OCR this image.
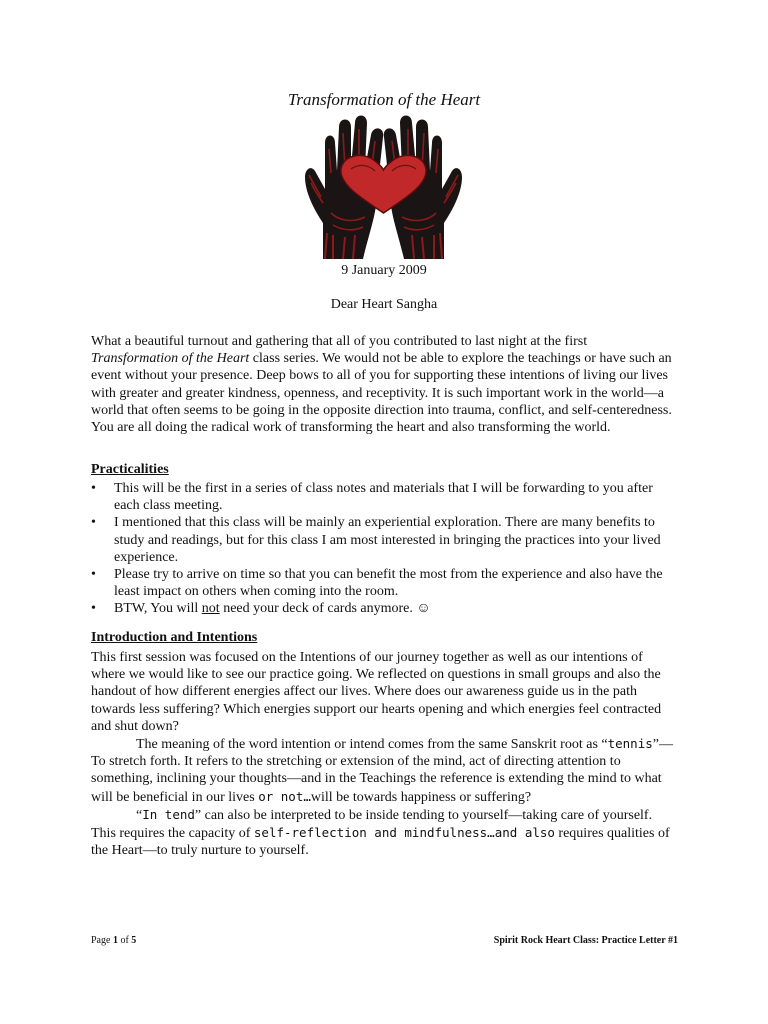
Transformation of the Heart
9 January 2009
Dear Heart Sangha
What a beautiful turnout and gathering that all of you contributed to last night at the first
Transformation of the Heart class series. We would not be able to explore the teachings or have such an event without your presence. Deep bows to all of you for supporting these intentions of living our lives with greater and greater kindness, openness, and receptivity. It is such important work in the world—a world that often seems to be going in the opposite direction into trauma, conflict, and self-centeredness. You are all doing the radical work of transforming the heart and also transforming the world.
Practicalities
• This will be the first in a series of class notes and materials that I will be forwarding to you after each class meeting.
• I mentioned that this class will be mainly an experiential exploration. There are many benefits to study and readings, but for this class I am most interested in bringing the practices into your lived experience.
• Please try to arrive on time so that you can benefit the most from the experience and also have the least impact on others when coming into the room.
• BTW, You will not need your deck of cards anymore. ☺
Introduction and Intentions
This first session was focused on the Intentions of our journey together as well as our intentions of where we would like to see our practice going. We reflected on questions in small groups and also the handout of how different energies affect our lives. Where does our awareness guide us in the path towards less suffering? Which energies support our hearts opening and which energies feel contracted and shut down?
The meaning of the word intention or intend comes from the same Sanskrit root as “tennis”—To stretch forth. It refers to the stretching or extension of the mind, act of directing attention to something, inclining your thoughts—and in the Teachings the reference is extending the mind to what will be beneficial in our lives or not…will be towards happiness or suffering?
“In tend” can also be interpreted to be inside tending to yourself—taking care of yourself. This requires the capacity of self-reflection and mindfulness…and also requires qualities of the Heart—to truly nurture to yourself.
Page 1 of 5	Spirit Rock Heart Class: Practice Letter #1
